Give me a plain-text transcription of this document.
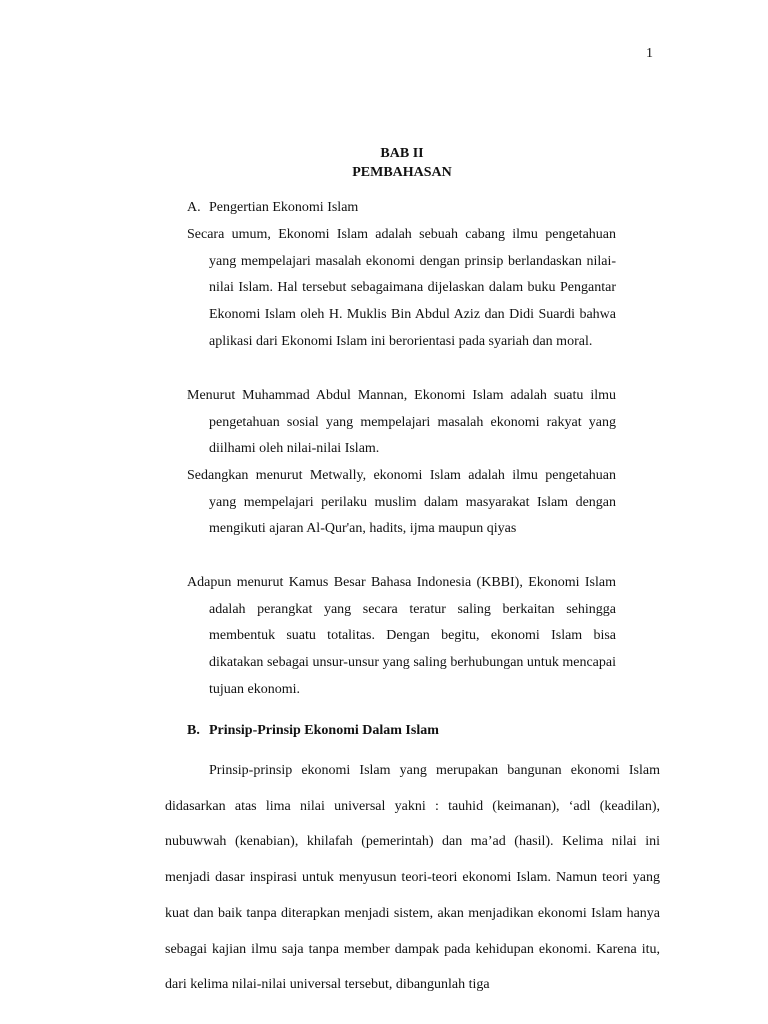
1
BAB II
PEMBAHASAN
A. Pengertian Ekonomi Islam
Secara umum, Ekonomi Islam adalah sebuah cabang ilmu pengetahuan yang mempelajari masalah ekonomi dengan prinsip berlandaskan nilai-nilai Islam. Hal tersebut sebagaimana dijelaskan dalam buku Pengantar Ekonomi Islam oleh H. Muklis Bin Abdul Aziz dan Didi Suardi bahwa aplikasi dari Ekonomi Islam ini berorientasi pada syariah dan moral.
Menurut Muhammad Abdul Mannan, Ekonomi Islam adalah suatu ilmu pengetahuan sosial yang mempelajari masalah ekonomi rakyat yang diilhami oleh nilai-nilai Islam.
Sedangkan menurut Metwally, ekonomi Islam adalah ilmu pengetahuan yang mempelajari perilaku muslim dalam masyarakat Islam dengan mengikuti ajaran Al-Qur'an, hadits, ijma maupun qiyas
Adapun menurut Kamus Besar Bahasa Indonesia (KBBI), Ekonomi Islam adalah perangkat yang secara teratur saling berkaitan sehingga membentuk suatu totalitas. Dengan begitu, ekonomi Islam bisa dikatakan sebagai unsur-unsur yang saling berhubungan untuk mencapai tujuan ekonomi.
B. Prinsip-Prinsip Ekonomi Dalam Islam
Prinsip-prinsip ekonomi Islam yang merupakan bangunan ekonomi Islam didasarkan atas lima nilai universal yakni : tauhid (keimanan), ‘adl (keadilan), nubuwwah (kenabian), khilafah (pemerintah) dan ma’ad (hasil). Kelima nilai ini menjadi dasar inspirasi untuk menyusun teori-teori ekonomi Islam. Namun teori yang kuat dan baik tanpa diterapkan menjadi sistem, akan menjadikan ekonomi Islam hanya sebagai kajian ilmu saja tanpa member dampak pada kehidupan ekonomi. Karena itu, dari kelima nilai-nilai universal tersebut, dibangunlah tiga
